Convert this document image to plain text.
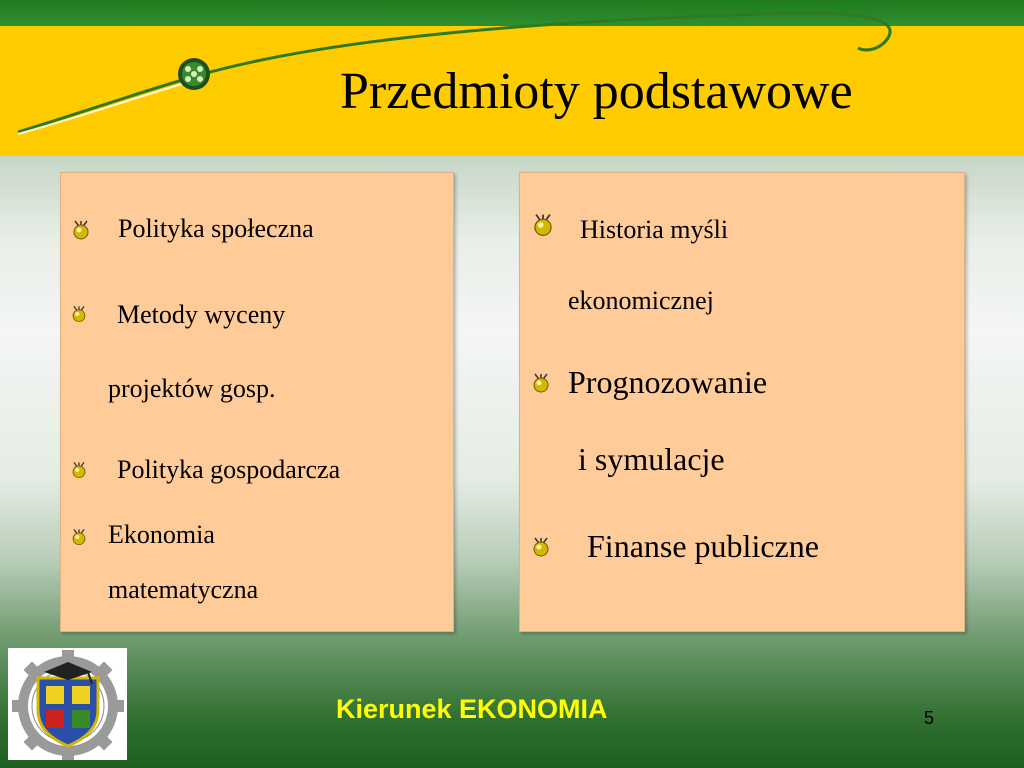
Przedmioty podstawowe
Polityka społeczna
Metody wyceny
projektów gosp.
Polityka gospodarcza
Ekonomia
matematyczna
Historia myśli
ekonomicznej
Prognozowanie
i symulacje
Finanse publiczne
Kierunek EKONOMIA	5
